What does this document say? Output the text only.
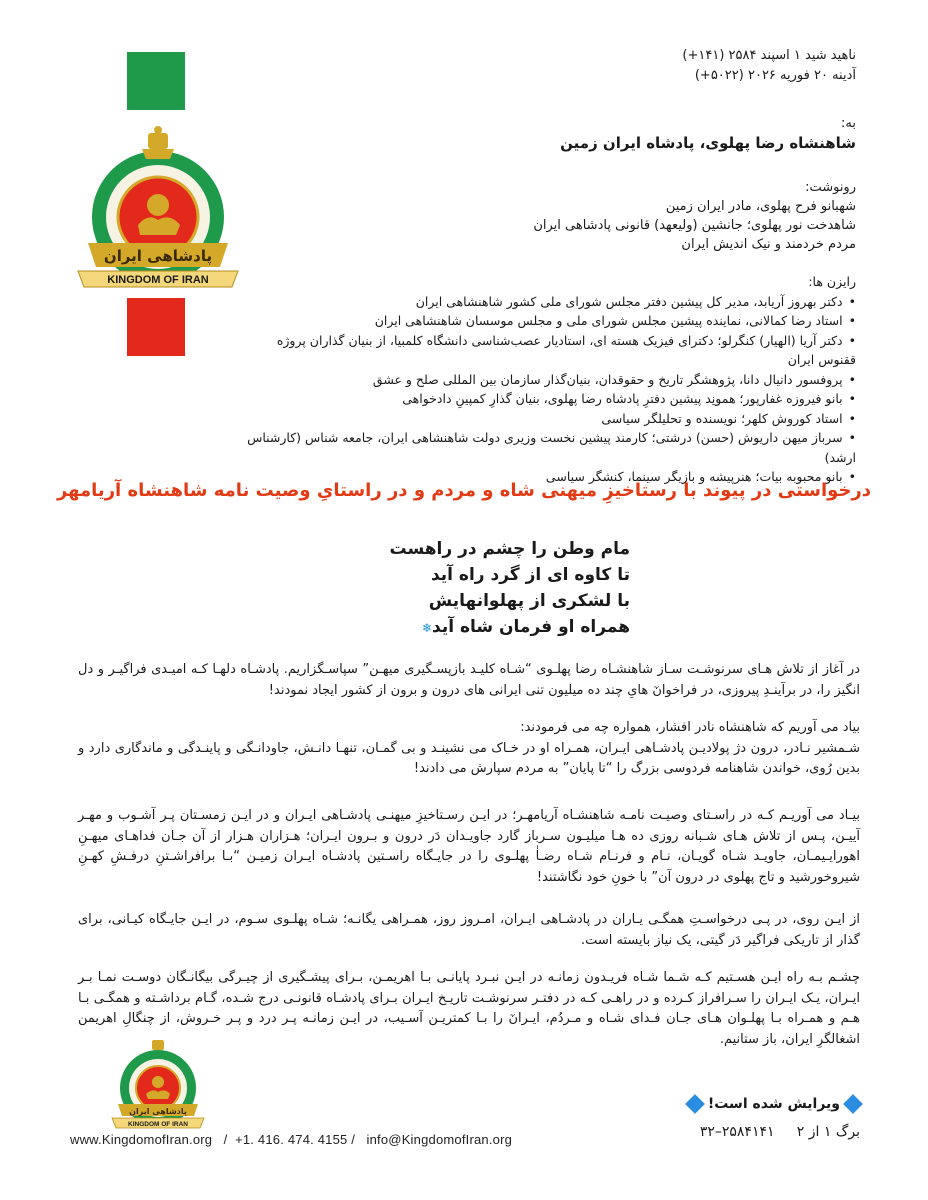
پادشاهی ایران
KINGDOM OF IRAN
ناهید شید ۱ اسپند ۲۵۸۴ (۱۴۱+)
آدینه ۲۰ فوریه ۲۰۲۶ (۵۰۲۲+)
به:
شاهنشاه رضا پهلوی، پادشاه ایران زمین
رونوشت:
شهبانو فرح پهلوی، مادر ایران زمین
شاهدخت نور پهلوی؛ جانشین (ولیعهد) قانونی پادشاهی ایران
مردم خردمند و نیک اندیش ایران
رایزن ها:
• دکتر بهروز آریابد، مدیر کل پیشین دفتر مجلس شورای ملی کشور شاهنشاهی ایران
• استاد رضا کمالانی، نماینده پیشین مجلس شورای ملی و مجلس موسسان شاهنشاهی ایران
• دکتر آریا (الهیار) کنگرلو؛ دکترای فیزیک هسته ای، استادیار عصب‌شناسی دانشگاه کلمبیا، از بنیان گذاران پروژه ققنوس ایران
• پروفسور دانیال دانا، پژوهشگر تاریخ و حقوقدان، بنیان‌گذار سازمان بین المللی صلح و عشق
• بانو فیروزه غفارپور؛ همونِد پیشین دفترِ پادشاه رضا پهلوی، بنیان گذارِ کمپینِ دادخواهی
• استاد کوروش کلهر؛ نویسنده و تحلیلگر سیاسی
• سرباز میهن داریوش (حسن) درشتی؛ کارمند پیشین نخست وزیری دولت شاهنشاهی ایران، جامعه شناس (کارشناس ارشد)
• بانو محبوبه بیات؛ هنرپیشه و بازیگر سینما، کنشگر سیاسی
درخواستی در پیوند با رستاخیزِ میهنی شاه و مردم و در راستایِ وصیت نامه شاهنشاه آریامهر
مام وطن را چشم در راهست
تا کاوه ای از گرد راه آید
با لشکری از پهلوانهایش
همراه او فرمان شاه آید❄
در آغاز از تلاش هـای سرنوشـت سـاز شاهنشـاه رضا پهلـوی “شـاه کلیـد بازپسـگیری میهـن” سپاسـگزاریم. پادشـاه دلهـا کـه امیـدی فراگیـر و دل انگیز را، در برآینـدِ پیروزی، در فراخوانٓ هایِ چند ده میلیون تنی ایرانی های درون و برون از کشور ایجاد نمودند!
بیاد می آوریم که شاهنشاه نادر افشار، همواره چه می فرمودند:
شـمشیر نـادر، درون دژ پولادیـن پادشـاهی ایـران، همـراه او در خـاک می نشینـد و بی گمـان، تنهـا دانـش، جاودانـگی و پاینـدگی و ماندگاری دارد و بدین رُوی، خواندن شاهنامه فردوسی بزرگ را “تا پایان” به مردم سپارش می دادند!
بیـاد می آوریـم کـه در راسـتای وصیـت نامـه شاهنشـاه آریامهـر؛ در ایـن رسـتاخیزِ میهنـی پادشـاهی ایـران و در ایـن زمسـتان پـر آشـوب و مهـر آییـن، پـس از تلاش هـای شـبانه روزی ده هـا میلیـون سـرباز گارد جاویـدان دَر درون و بـرون ایـران؛ هـزاران هـزار از آن جـان فداهـای میهـنِ اهورایـیمـان، جاویـد شـاه گویـان، نـام و فرنـام شـاه رضـاٰ پهلـوی را در جایـگاه راسـتین پادشـاه ایـران زمیـن “بـا برافراشـتنِ درفـشِ کهـنِ شیروخورشید و تاج پهلوی در درون آن” با خونِ خود نگاشتند!
از ایـن روی، در پـی درخواسـتِ همگـی یـاران در پادشـاهی ایـران، امـروز روز، همـراهی یگانـه؛ شـاه پهلـوی سـوم، در ایـن جایـگاه کیـانی، برای گذار از تاریکی فراگیر دَر گیتی، یک نیاز بایسته است.
چشـم بـه راه ایـن هسـتیم کـه شـما شـاه فریـدون زمانـه در ایـن نبـرد پایانـی بـا اهریمـن، بـرای پیشـگیری از چیـرگی بیگانـگان دوسـت نمـا بـر ایـران، یـک ایـران را سـرافراز کـرده و در راهـی کـه در دفتـر سرنوشـت تاریـخ ایـران بـرای پادشـاه قانونـی درج شـده، گـام برداشـته و همگـی بـا هـم و همـراه بـا پهلـوان هـای جـان فـدای شـاه و مـردُم، ایـرانٓ را بـا کمتریـن آسـیب، در ایـن زمانـه پـر درد و پـر خـروش، از چنگالِ اهریمن اشغالگرِ ایران، باز ستانیم.
پادشاهی ایران
KINGDOM OF IRAN
ویرایش شده است!
برگ ۱ از ۲     ۲۵۸۴۱۴۱–۳۲
www.KingdomofIran.org   /  +1. 416. 474. 4155 /   info@KingdomofIran.org
